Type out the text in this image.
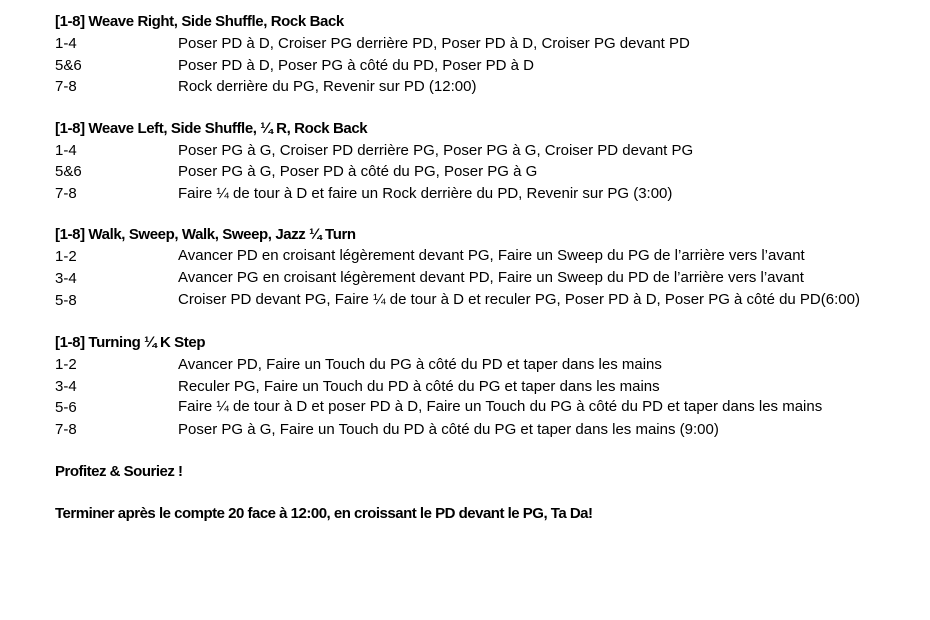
[1-8] Weave Right, Side Shuffle, Rock Back
1-4	Poser PD à D, Croiser PG derrière PD, Poser PD à D, Croiser PG devant PD
5&6	Poser PD à D, Poser PG à côté du PD, Poser PD à D
7-8	Rock derrière du PG, Revenir sur PD (12:00)
[1-8] Weave Left, Side Shuffle, ¼ R, Rock Back
1-4	Poser PG à G, Croiser PD derrière PG, Poser PG à G, Croiser PD devant PG
5&6	Poser PG à G, Poser PD à côté du PG, Poser PG à G
7-8	Faire ¼ de tour à D et faire un Rock derrière du PD, Revenir sur PG (3:00)
[1-8] Walk, Sweep, Walk, Sweep, Jazz ¼ Turn
1-2	Avancer PD en croisant légèrement devant PG, Faire un Sweep du PG de l’arrière vers l’avant
3-4	Avancer PG en croisant légèrement devant PD, Faire un Sweep du PD de l’arrière vers l’avant
5-8	Croiser PD devant PG, Faire ¼ de tour à D et reculer PG, Poser PD à D, Poser PG à côté du PD(6:00)
[1-8] Turning ¼ K Step
1-2	Avancer PD, Faire un Touch du PG à côté du PD et taper dans les mains
3-4	Reculer PG, Faire un Touch du PD à côté du PG et taper dans les mains
5-6	Faire ¼ de tour à D et poser PD à D, Faire un Touch du PG à côté du PD et taper dans les mains
7-8	Poser PG à G, Faire un Touch du PD à côté du PG et taper dans les mains (9:00)
Profitez & Souriez !
Terminer après le compte 20 face à 12:00, en croissant le PD devant le PG, Ta Da!
